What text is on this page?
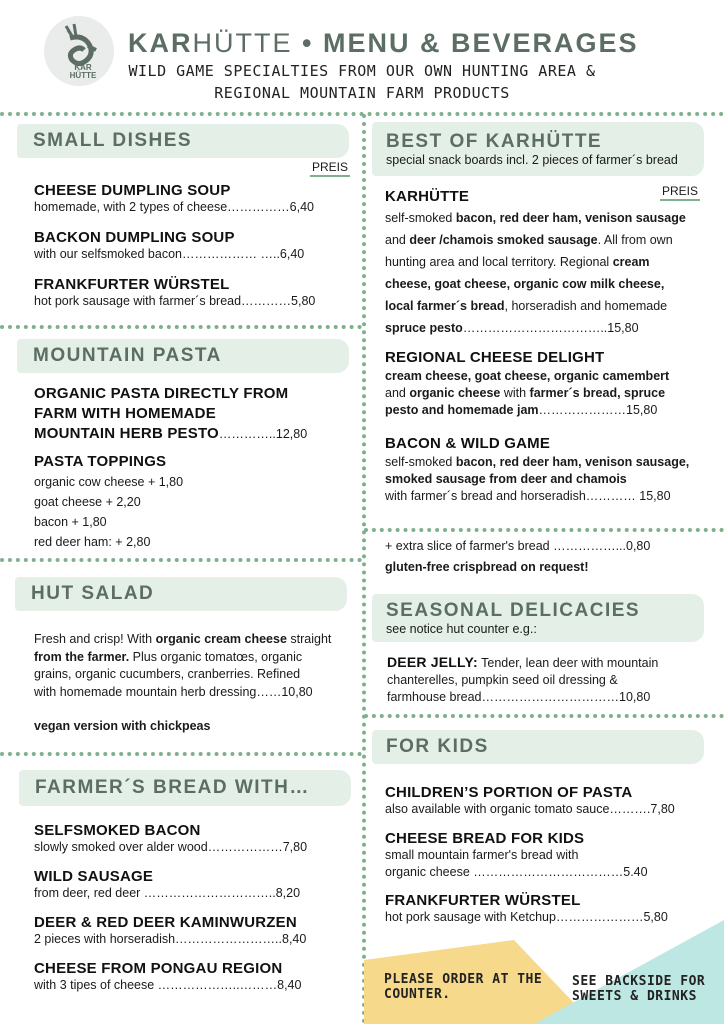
KAR HÜTTE
KARHÜTTE • MENU & BEVERAGES
WILD GAME SPECIALTIES FROM OUR OWN HUNTING AREA &
REGIONAL MOUNTAIN FARM PRODUCTS
SMALL DISHES
PREIS
CHEESE DUMPLING SOUP
homemade, with 2 types of cheese……………6,40
BACKON DUMPLING SOUP
with our selfsmoked bacon……………… …..6,40
FRANKFURTER WÜRSTEL
hot pork sausage with farmer´s bread…………5,80
MOUNTAIN PASTA
ORGANIC PASTA DIRECTLY FROM
FARM WITH HOMEMADE
MOUNTAIN HERB PESTO…………..12,80
PASTA TOPPINGS
organic cow cheese + 1,80
goat cheese + 2,20
bacon + 1,80
red deer ham: + 2,80
HUT SALAD
Fresh and crisp! With organic cream cheese straight
from the farmer. Plus organic tomatœs, organic
grains, organic cucumbers, cranberries. Refined
with homemade mountain herb dressing……10,80
vegan version with chickpeas
FARMER´S BREAD WITH…
SELFSMOKED BACON
slowly smoked over alder wood………………7,80
WILD SAUSAGE
from deer, red deer …………………………..8,20
DEER & RED DEER KAMINWURZEN
2 pieces with horseradish……………………..8,40
CHEESE FROM PONGAU REGION
with 3 tipes of cheese ………………..………8,40
BEST OF KARHÜTTE
special snack boards incl. 2 pieces of farmer´s bread
PREIS
KARHÜTTE
self-smoked bacon, red deer ham, venison sausage
and deer /chamois smoked sausage. All from own
hunting area and local territory. Regional cream
cheese, goat cheese, organic cow milk cheese,
local farmer´s bread, horseradish and homemade
spruce pesto……………………………..15,80
REGIONAL CHEESE DELIGHT
cream cheese, goat cheese, organic camembert
and organic cheese with farmer´s bread, spruce
pesto and homemade jam…………………15,80
BACON & WILD GAME
self-smoked bacon, red deer ham, venison sausage,
smoked sausage from deer and chamois
with farmer´s bread and horseradish………… 15,80
+ extra slice of farmer's bread ……………...0,80
gluten-free crispbread on request!
SEASONAL DELICACIES
see notice hut counter e.g.:
DEER JELLY: Tender, lean deer with mountain
chanterelles, pumpkin seed oil dressing &
farmhouse bread……………………………10,80
FOR KIDS
CHILDREN’S PORTION OF PASTA
also available with organic tomato sauce……….7,80
CHEESE BREAD FOR KIDS
small mountain farmer's bread with
organic cheese ………………………………5.40
FRANKFURTER WÜRSTEL
hot pork sausage with Ketchup…………………5,80
PLEASE ORDER AT THE
COUNTER.
SEE BACKSIDE FOR
SWEETS & DRINKS
